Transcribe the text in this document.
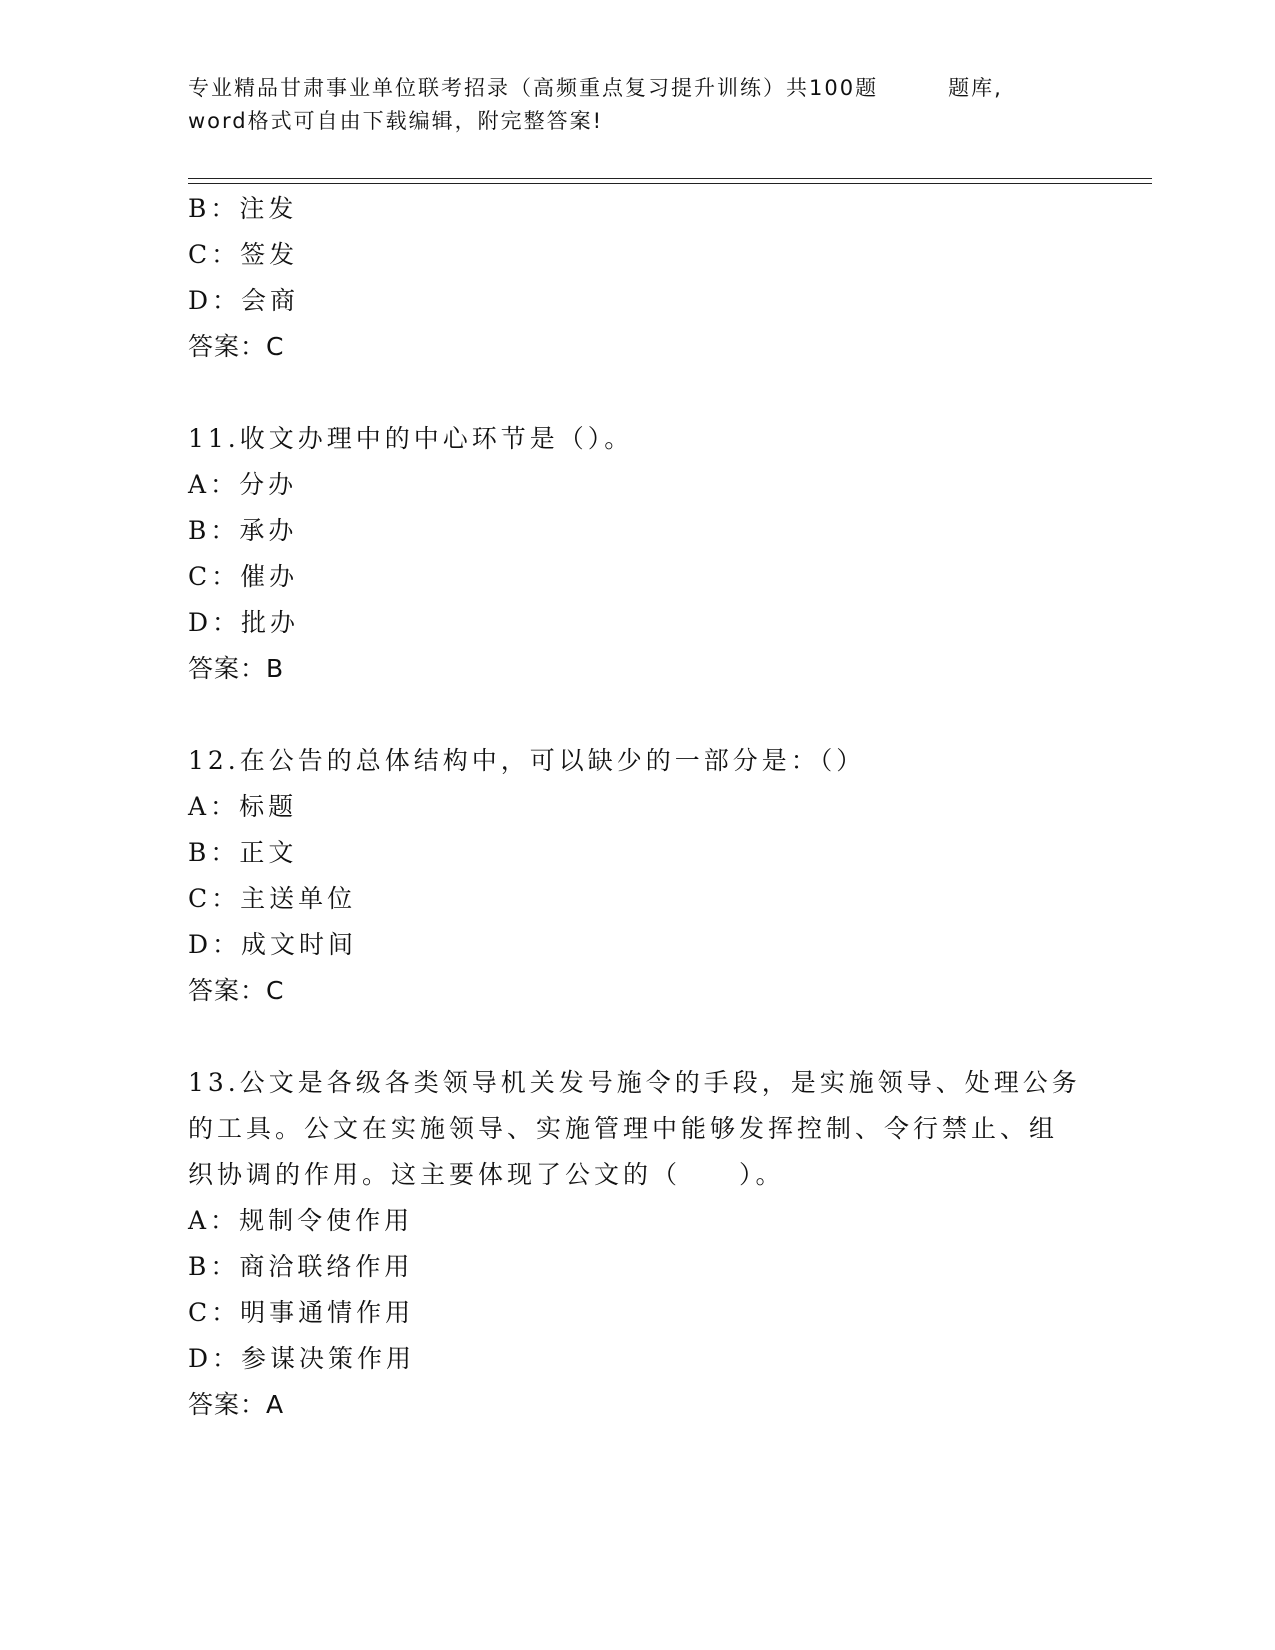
专业精品甘肃事业单位联考招录（高频重点复习提升训练）共100题	题库,
word格式可自由下载编辑，附完整答案!
B：注发
C：签发
D：会商
答案：C
11.收文办理中的中心环节是（）。
A：分办
B：承办
C：催办
D：批办
答案：B
12.在公告的总体结构中，可以缺少的一部分是：（）
A：标题
B：正文
C：主送单位
D：成文时间
答案：C
13.公文是各级各类领导机关发号施令的手段，是实施领导、处理公务
的工具。公文在实施领导、实施管理中能够发挥控制、令行禁止、组
织协调的作用。这主要体现了公文的（　　）。
A：规制令使作用
B：商洽联络作用
C：明事通情作用
D：参谋决策作用
答案：A
